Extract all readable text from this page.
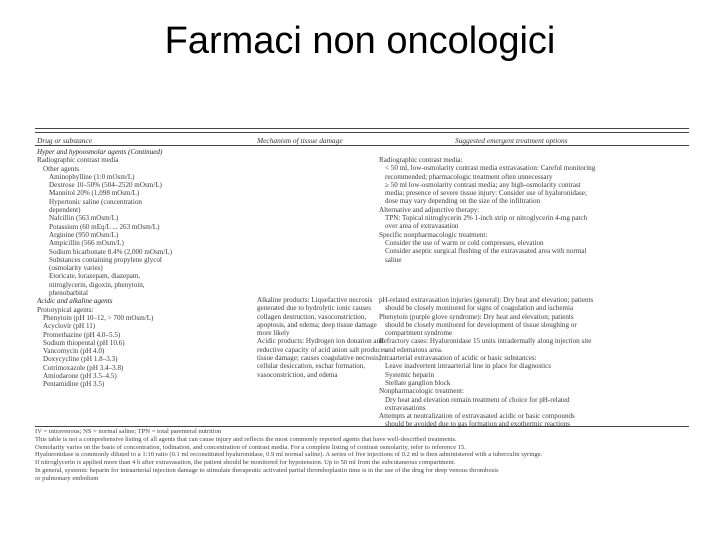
Farmaci non oncologici
Drug or substance	Mechanism of tissue damage	Suggested emergent treatment options
Hyper and hypoosmolar agents (Continued)
Radiographic contrast media
Other agents
Aminophylline (1:0 mOsm/L)
Dextrose 10–50% (504–2520 mOsm/L)
Mannitol 20% (1,098 mOsm/L)
Hypertonic saline (concentration
dependent)
Nafcillin (563 mOsm/L)
Potassium (60 mEq/L ... 263 mOsm/L)
Arginine (950 mOsm/L)
Ampicillin (566 mOsm/L)
Sodium bicarbonate 8.4% (2,000 mOsm/L)
Substances containing propylene glycol
(osmolarity varies)
Etoricate, lorazepam, diazepam,
nitroglycerin, digoxin, phenytoin,
phenobarbital
Acidic and alkaline agents
Prototypical agents:
Phenytoin (pH 10–12, > 700 mOsm/L)
Acyclovir (pH 11)
Promethazine (pH 4.0–5.5)
Sodium thiopental (pH 10.6)
Vancomycin (pH 4.0)
Doxycycline (pH 1.8–3.3)
Cotrimoxazole (pH 3.4–3.8)
Amiodarone (pH 3.5–4.5)
Pentamidine (pH 3.5)
Alkaline products: Liquefactive necrosis
generated due to hydrolytic ionic causes
collagen destruction, vasoconstriction,
apoptosis, and edema; deep tissue damage
more likely
Acidic products: Hydrogen ion donation and
reductive capacity of acid anion salt produces
tissue damage; causes coagulative necrosis,
cellular desiccation, eschar formation,
vasoconstriction, and edema
Radiographic contrast media:
< 50 ml, low-osmolarity contrast media extravasation: Careful monitoring
recommended; pharmacologic treatment often unnecessary
≥ 50 ml low-osmolarity contrast media; any high-osmolarity contrast
media; presence of severe tissue injury: Consider use of hyaluronidase;
dose may vary depending on the size of the infiltration
Alternative and adjunctive therapy:
TPN: Topical nitroglycerin 2% 1-inch strip or nitroglycerin 4-mg patch
over area of extravasation
Specific nonpharmacologic treatment:
Consider the use of warm or cold compresses, elevation
Consider aseptic surgical flushing of the extravasated area with normal
saline
pH-related extravasation injuries (general): Dry heat and elevation; patients
should be closely monitored for signs of coagulation and ischemia
Phenytoin (purple glove syndrome): Dry heat and elevation; patients
should be closely monitored for development of tissue sloughing or
compartment syndrome
Refractory cases: Hyaluronidase 15 units intradermally along injection site
and edematous area.
Intraarterial extravasation of acidic or basic substances:
Leave inadvertent intraarterial line in place for diagnostics
Systemic heparin
Stellate ganglion block
Nonpharmacologic treatment:
Dry heat and elevation remain treatment of choice for pH-related
extravasations
Attempts at neutralization of extravasated acidic or basic compounds
should be avoided due to gas formation and exothermic reactions
IV = intravenous; NS = normal saline; TPN = total parenteral nutrition
This table is not a comprehensive listing of all agents that can cause injury and reflects the most commonly reported agents that have well-described treatments.
Osmolarity varies on the basis of concentration, iodination, and concentration of contrast media. For a complete listing of contrast osmolarity, refer to reference 15.
Hyaluronidase is commonly diluted to a 1:10 ratio (0.1 ml reconstituted hyaluronidase, 0.9 ml normal saline). A series of five injections of 0.2 ml is then administered with a tuberculin syringe.
If nitroglycerin is applied more than 4 h after extravasation, the patient should be monitored for hypotension. Up to 50 ml from the subcutaneous compartment.
In general, systemic heparin for intraarterial injection damage to stimulate therapeutic activated partial thromboplastin time is in the use of the drug for deep venous thrombosis
or pulmonary embolism
